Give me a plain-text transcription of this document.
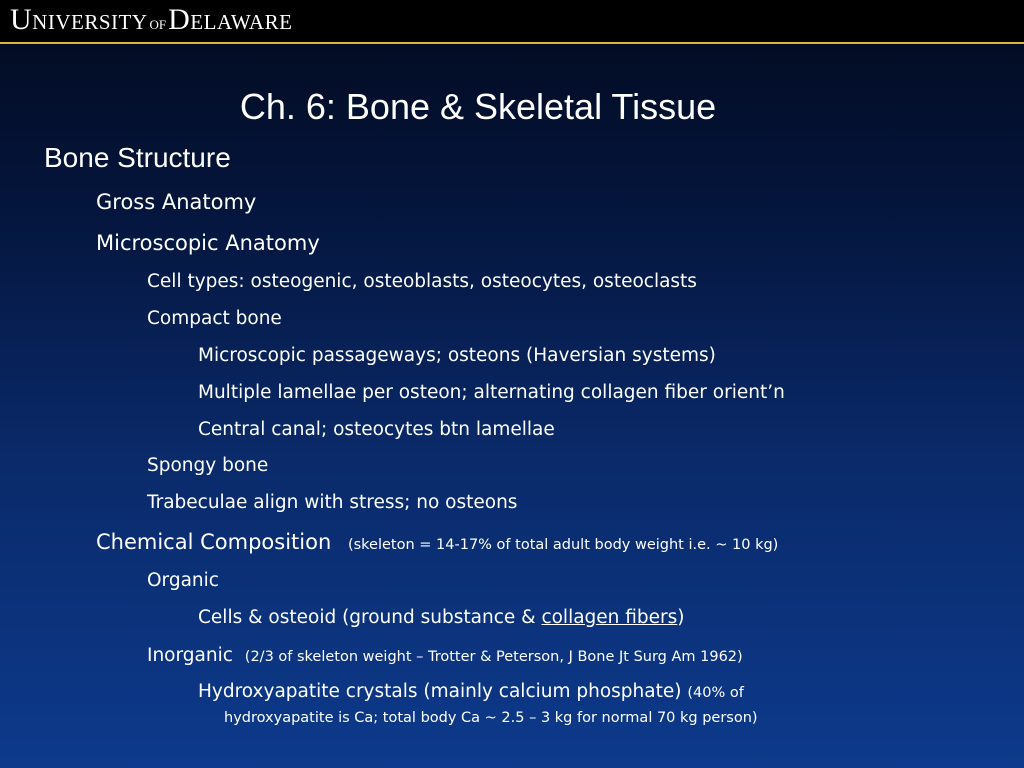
UNIVERSITY OFDELAWARE
Ch. 6: Bone & Skeletal Tissue
Bone Structure
Gross Anatomy
Microscopic Anatomy
Cell types: osteogenic, osteoblasts, osteocytes, osteoclasts
Compact bone
Microscopic passageways; osteons (Haversian systems)
Multiple lamellae per osteon; alternating collagen fiber orient’n
Central canal; osteocytes btn lamellae
Spongy bone
Trabeculae align with stress; no osteons
Chemical Composition (skeleton = 14-17% of total adult body weight i.e. ~ 10 kg)
Organic
Cells & osteoid (ground substance & collagen fibers)
Inorganic (2/3 of skeleton weight – Trotter & Peterson, J Bone Jt Surg Am 1962)
Hydroxyapatite crystals (mainly calcium phosphate) (40% of
hydroxyapatite is Ca; total body Ca ~ 2.5 – 3 kg for normal 70 kg person)
